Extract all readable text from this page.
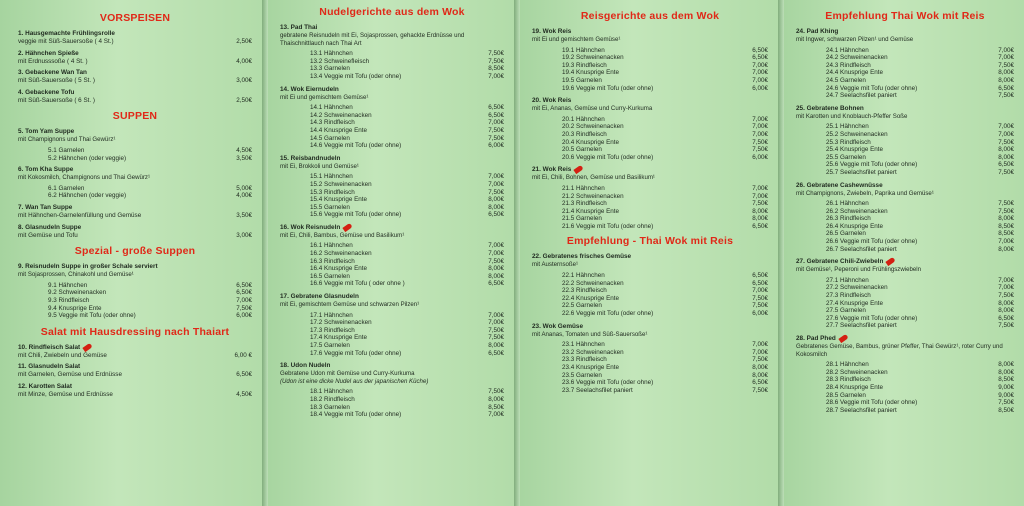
VORSPEISEN
1. Hausgemachte Frühlingsrolle
veggie mit Süß-Sauersoße ( 4 St.)	2,50€
2. Hähnchen Spieße
mit Erdnusssoße ( 4 St. )	4,00€
3. Gebackene Wan Tan
mit Süß-Sauersoße ( 5 St. )	3,00€
4. Gebackene Tofu
mit Süß-Sauersoße ( 6 St. )	2,50€
SUPPEN
5. Tom Yam Suppe
mit Champignons und Thai Gewürz¹
5.1 Garnelen	4,50€
5.2 Hähnchen (oder veggie)	3,50€
6. Tom Kha Suppe
mit Kokosmilch, Champignons und Thai Gewürz¹
6.1 Garnelen	5,00€
6.2 Hähnchen (oder veggie)	4,00€
7. Wan Tan Suppe
mit Hähnchen-Garnelenfüllung und Gemüse	3,50€
8. Glasnudeln Suppe
mit Gemüse und Tofu	3,00€
Spezial - große Suppen
9. Reisnudeln Suppe in großer Schale serviert
mit Sojasprossen, Chinakohl und Gemüse¹
9.1 Hähnchen	6,50€
9.2 Schweinenacken	6,50€
9.3 Rindfleisch	7,00€
9.4 Knusprige Ente	7,50€
9.5 Veggie mit Tofu (oder ohne)	6,00€
Salat mit Hausdressing nach Thaiart
10. Rindfleisch Salat
mit Chili, Zwiebeln und Gemüse	6,00 €
11. Glasnudeln Salat
mit Garnelen, Gemüse und Erdnüsse	6,50€
12. Karotten Salat
mit Minze, Gemüse und Erdnüsse	4,50€
Nudelgerichte aus dem Wok
13. Pad Thai
gebratene Reisnudeln mit Ei, Sojasprossen, gehackte Erdnüsse und Thaischnittlauch nach Thai Art
13.1 Hähnchen	7,50€
13.2 Schweinefleisch	7,50€
13.3 Garnelen	8,50€
13.4 Veggie mit Tofu (oder ohne)	7,00€
14. Wok Eiernudeln
mit Ei und gemischtem Gemüse¹
14.1 Hähnchen	6,50€
14.2 Schweinenacken	6,50€
14.3 Rindfleisch	7,00€
14.4 Knusprige Ente	7,50€
14.5 Garnelen	7,50€
14.6 Veggie mit Tofu (oder ohne)	6,00€
15. Reisbandnudeln
mit Ei, Brokkoli und Gemüse¹
15.1 Hähnchen	7,00€
15.2 Schweinenacken	7,00€
15.3 Rindfleisch	7,50€
15.4 Knusprige Ente	8,00€
15.5 Garnelen	8,00€
15.6 Veggie mit Tofu (oder ohne)	6,50€
16. Wok Reisnudeln
mit Ei, Chili, Bambus, Gemüse und Basilikum¹
16.1 Hähnchen	7,00€
16.2 Schweinenacken	7,00€
16.3 Rindfleisch	7,50€
16.4 Knusprige Ente	8,00€
16.5 Garnelen	8,00€
16.6 Veggie mit Tofu ( oder ohne )	6,50€
17. Gebratene Glasnudeln
mit Ei, gemischtem Gemüse und schwarzen Pilzen¹
17.1 Hähnchen	7,00€
17.2 Schweinenacken	7,00€
17.3 Rindfleisch	7,50€
17.4 Knusprige Ente	7,50€
17.5 Garnelen	8,00€
17.6 Veggie mit Tofu (oder ohne)	6,50€
18. Udon Nudeln
Gebratene Udon mit Gemüse und Curry-Kurkuma
(Udon ist eine dicke Nudel aus der japanischen Küche)
18.1 Hähnchen	7,50€
18.2 Rindfleisch	8,00€
18.3 Garnelen	8,50€
18.4 Veggie mit Tofu (oder ohne)	7,00€
Reisgerichte aus dem Wok
19. Wok Reis
mit Ei und gemischtem Gemüse¹
19.1 Hähnchen	6,50€
19.2 Schweinenacken	6,50€
19.3 Rindfleisch	7,00€
19.4 Knusprige Ente	7,00€
19.5 Garnelen	7,00€
19.6 Veggie mit Tofu (oder ohne)	6,00€
20. Wok Reis
mit Ei, Ananas, Gemüse und Curry-Kurkuma
20.1 Hähnchen	7,00€
20.2 Schweinenacken	7,00€
20.3 Rindfleisch	7,00€
20.4 Knusprige Ente	7,50€
20.5 Garnelen	7,50€
20.6 Veggie mit Tofu (oder ohne)	6,00€
21. Wok Reis
mit Ei, Chili, Bohnen, Gemüse und Basilikum¹
21.1 Hähnchen	7,00€
21.2 Schweinenacken	7,00€
21.3 Rindfleisch	7,50€
21.4 Knusprige Ente	8,00€
21.5 Garnelen	8,00€
21.6 Veggie mit Tofu (oder ohne)	6,50€
Empfehlung - Thai Wok mit Reis
22. Gebratenes frisches Gemüse
mit Austernsoße¹
22.1 Hähnchen	6,50€
22.2 Schweinenacken	6,50€
22.3 Rindfleisch	7,00€
22.4 Knusprige Ente	7,50€
22.5 Garnelen	7,50€
22.6 Veggie mit Tofu (oder ohne)	6,00€
23. Wok Gemüse
mit Ananas, Tomaten und Süß-Sauersoße¹
23.1 Hähnchen	7,00€
23.2 Schweinenacken	7,00€
23.3 Rindfleisch	7,50€
23.4 Knusprige Ente	8,00€
23.5 Garnelen	8,00€
23.6 Veggie mit Tofu (oder ohne)	6,50€
23.7 Seelachsfilet paniert	7,50€
Empfehlung Thai Wok mit Reis
24. Pad Khing
mit Ingwer, schwarzen Pilzen¹ und Gemüse
24.1 Hähnchen	7,00€
24.2 Schweinenacken	7,00€
24.3 Rindfleisch	7,50€
24.4 Knusprige Ente	8,00€
24.5 Garnelen	8,00€
24.6 Veggie mit Tofu (oder ohne)	6,50€
24.7 Seelachsfilet paniert	7,50€
25. Gebratene Bohnen
mit Karotten und Knoblauch-Pfeffer Soße
25.1 Hähnchen	7,00€
25.2 Schweinenacken	7,00€
25.3 Rindfleisch	7,50€
25.4 Knusprige Ente	8,00€
25.5 Garnelen	8,00€
25.6 Veggie mit Tofu (oder ohne)	6,50€
25.7 Seelachsfilet paniert	7,50€
26. Gebratene Cashewnüsse
mit Champignons, Zwiebeln, Paprika und Gemüse¹
26.1 Hähnchen	7,50€
26.2 Schweinenacken	7,50€
26.3 Rindfleisch	8,00€
26.4 Knusprige Ente	8,50€
26.5 Garnelen	8,50€
26.6 Veggie mit Tofu (oder ohne)	7,00€
26.7 Seelachsfilet paniert	8,00€
27. Gebratene Chili-Zwiebeln
mit Gemüse¹, Peperoni und Frühlingszwiebeln
27.1 Hähnchen	7,00€
27.2 Schweinenacken	7,00€
27.3 Rindfleisch	7,50€
27.4 Knusprige Ente	8,00€
27.5 Garnelen	8,00€
27.6 Veggie mit Tofu (oder ohne)	6,50€
27.7 Seelachsfilet paniert	7,50€
28. Pad Phed
Gebratenes Gemüse, Bambus, grüner Pfeffer, Thai Gewürz¹, roter Curry und Kokosmilch
28.1 Hähnchen	8,00€
28.2 Schweinenacken	8,00€
28.3 Rindfleisch	8,50€
28.4 Knusprige Ente	9,00€
28.5 Garnelen	9,00€
28.6 Veggie mit Tofu (oder ohne)	7,50€
28.7 Seelachsfilet paniert	8,50€
